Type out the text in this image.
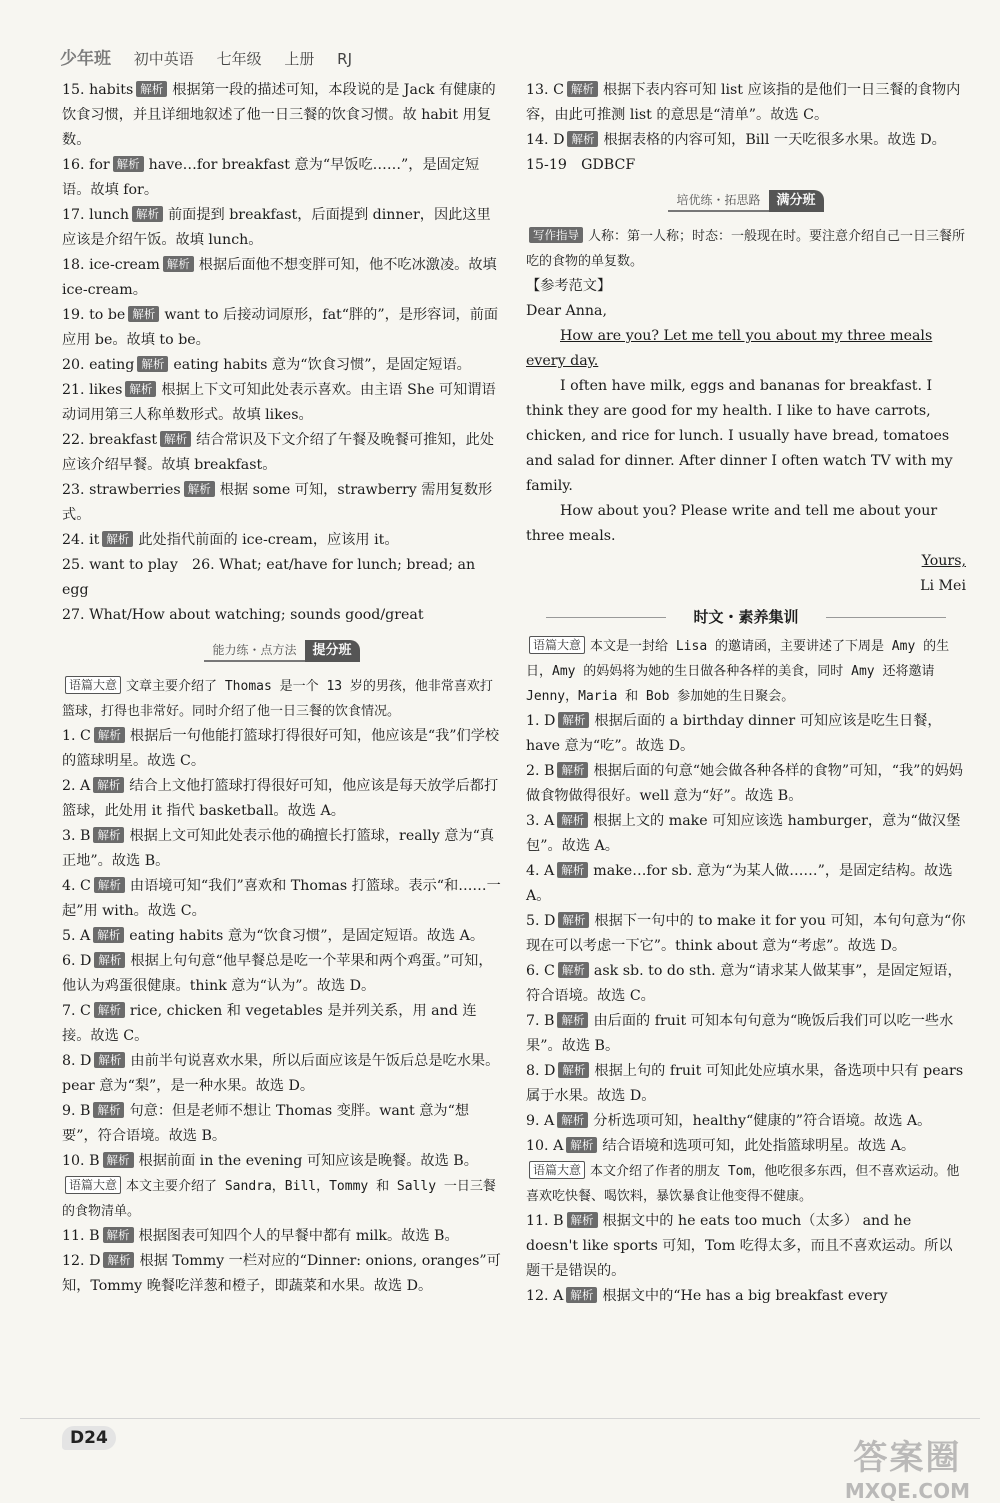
少年班 初中英语 七年级 上册 RJ
15. habits 解析 根据第一段的描述可知，本段说的是 Jack 有健康的饮食习惯，并且详细地叙述了他一日三餐的饮食习惯。故 habit 用复数。
16. for 解析 have…for breakfast 意为“早饭吃……”，是固定短语。故填 for。
17. lunch 解析 前面提到 breakfast，后面提到 dinner，因此这里应该是介绍午饭。故填 lunch。
18. ice-cream 解析 根据后面他不想变胖可知，他不吃冰激凌。故填 ice-cream。
19. to be 解析 want to 后接动词原形，fat“胖的”，是形容词，前面应用 be。故填 to be。
20. eating 解析 eating habits 意为“饮食习惯”，是固定短语。
21. likes 解析 根据上下文可知此处表示喜欢。由主语 She 可知谓语动词用第三人称单数形式。故填 likes。
22. breakfast 解析 结合常识及下文介绍了午餐及晚餐可推知，此处应该介绍早餐。故填 breakfast。
23. strawberries 解析 根据 some 可知，strawberry 需用复数形式。
24. it 解析 此处指代前面的 ice-cream，应该用 it。
25. want to play　26. What; eat/have for lunch; bread; an egg
27. What/How about watching; sounds good/great
能力练・点方法 提分班
语篇大意 文章主要介绍了 Thomas 是一个 13 岁的男孩，他非常喜欢打篮球，打得也非常好。同时介绍了他一日三餐的饮食情况。
1. C 解析 根据后一句他能打篮球打得很好可知，他应该是“我”们学校的篮球明星。故选 C。
2. A 解析 结合上文他打篮球打得很好可知，他应该是每天放学后都打篮球，此处用 it 指代 basketball。故选 A。
3. B 解析 根据上文可知此处表示他的确擅长打篮球，really 意为“真正地”。故选 B。
4. C 解析 由语境可知“我们”喜欢和 Thomas 打篮球。表示“和……一起”用 with。故选 C。
5. A 解析 eating habits 意为“饮食习惯”，是固定短语。故选 A。
6. D 解析 根据上句句意“他早餐总是吃一个苹果和两个鸡蛋。”可知，他认为鸡蛋很健康。think 意为“认为”。故选 D。
7. C 解析 rice, chicken 和 vegetables 是并列关系，用 and 连接。故选 C。
8. D 解析 由前半句说喜欢水果，所以后面应该是午饭后总是吃水果。pear 意为“梨”，是一种水果。故选 D。
9. B 解析 句意：但是老师不想让 Thomas 变胖。want 意为“想要”，符合语境。故选 B。
10. B 解析 根据前面 in the evening 可知应该是晚餐。故选 B。
语篇大意 本文主要介绍了 Sandra，Bill，Tommy 和 Sally 一日三餐的食物清单。
11. B 解析 根据图表可知四个人的早餐中都有 milk。故选 B。
12. D 解析 根据 Tommy 一栏对应的“Dinner: onions, oranges”可知，Tommy 晚餐吃洋葱和橙子，即蔬菜和水果。故选 D。
13. C 解析 根据下表内容可知 list 应该指的是他们一日三餐的食物内容，由此可推测 list 的意思是“清单”。故选 C。
14. D 解析 根据表格的内容可知，Bill 一天吃很多水果。故选 D。
15-19　GDBCF
培优练・拓思路 满分班
写作指导 人称：第一人称；时态：一般现在时。要注意介绍自己一日三餐所吃的食物的单复数。
【参考范文】

Dear Anna,

How are you? Let me tell you about my three meals every day.

I often have milk, eggs and bananas for breakfast. I think they are good for my health. I like to have carrots, chicken, and rice for lunch. I usually have bread, tomatoes and salad for dinner. After dinner I often watch TV with my family.

How about you? Please write and tell me about your three meals.

Yours,

Li Mei

时文・素养集训
语篇大意 本文是一封给 Lisa 的邀请函，主要讲述了下周是 Amy 的生日，Amy 的妈妈将为她的生日做各种各样的美食，同时 Amy 还将邀请 Jenny，Maria 和 Bob 参加她的生日聚会。
1. D 解析 根据后面的 a birthday dinner 可知应该是吃生日餐，have 意为“吃”。故选 D。
2. B 解析 根据后面的句意“她会做各种各样的食物”可知，“我”的妈妈做食物做得很好。well 意为“好”。故选 B。
3. A 解析 根据上文的 make 可知应该选 hamburger，意为“做汉堡包”。故选 A。
4. A 解析 make…for sb. 意为“为某人做……”，是固定结构。故选 A。
5. D 解析 根据下一句中的 to make it for you 可知，本句句意为“你现在可以考虑一下它”。think about 意为“考虑”。故选 D。
6. C 解析 ask sb. to do sth. 意为“请求某人做某事”，是固定短语，符合语境。故选 C。
7. B 解析 由后面的 fruit 可知本句句意为“晚饭后我们可以吃一些水果”。故选 B。
8. D 解析 根据上句的 fruit 可知此处应填水果，备选项中只有 pears 属于水果。故选 D。
9. A 解析 分析选项可知，healthy“健康的”符合语境。故选 A。
10. A 解析 结合语境和选项可知，此处指篮球明星。故选 A。
语篇大意 本文介绍了作者的朋友 Tom，他吃很多东西，但不喜欢运动。他喜欢吃快餐、喝饮料，暴饮暴食让他变得不健康。
11. B 解析 根据文中的 he eats too much（太多） and he doesn't like sports 可知，Tom 吃得太多，而且不喜欢运动。所以题干是错误的。
12. A 解析 根据文中的“He has a big breakfast every
D24	答案圈
MXQE.COM
